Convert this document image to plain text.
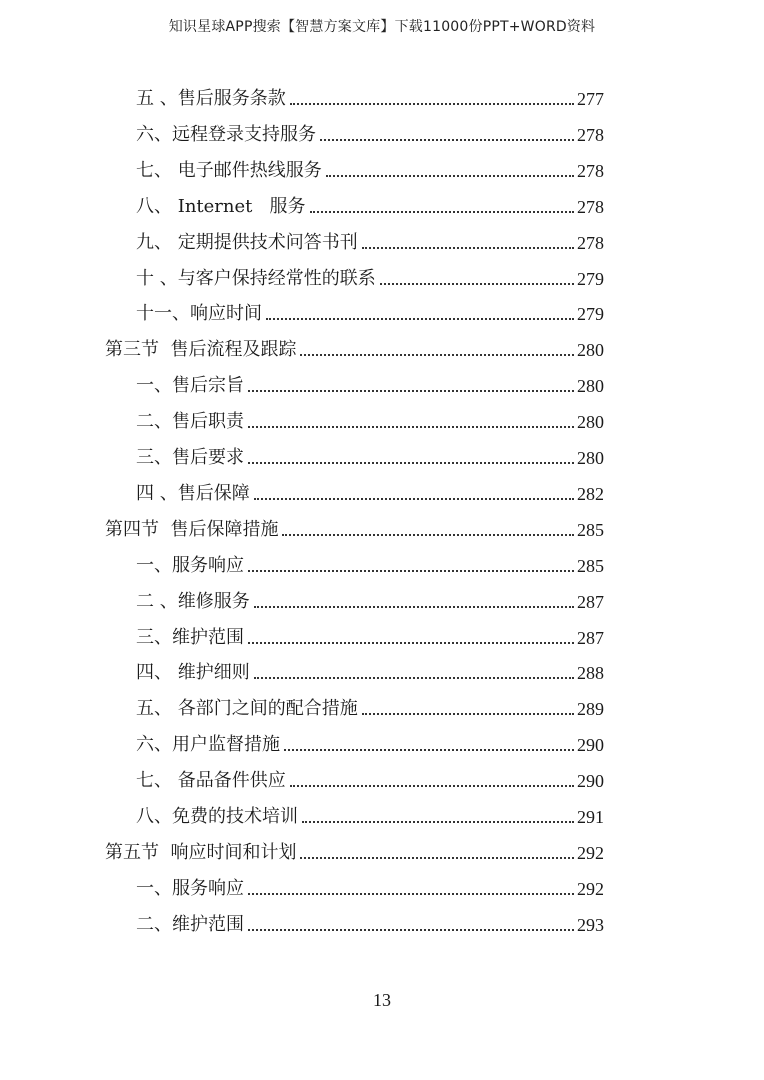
知识星球APP搜索【智慧方案文库】下载11000份PPT+WORD资料
五 、售后服务条款	277
六、远程登录支持服务	278
七、 电子邮件热线服务	278
八、 Internet   服务	278
九、 定期提供技术问答书刊	278
十 、与客户保持经常性的联系	279
十一、响应时间	279
第三节  售后流程及跟踪	280
一、售后宗旨	280
二、售后职责	280
三、售后要求	280
四 、售后保障	282
第四节  售后保障措施	285
一、服务响应	285
二 、维修服务	287
三、维护范围	287
四、 维护细则	288
五、 各部门之间的配合措施	289
六、用户监督措施	290
七、 备品备件供应	290
八、免费的技术培训	291
第五节  响应时间和计划	292
一、服务响应	292
二、维护范围	293
13
